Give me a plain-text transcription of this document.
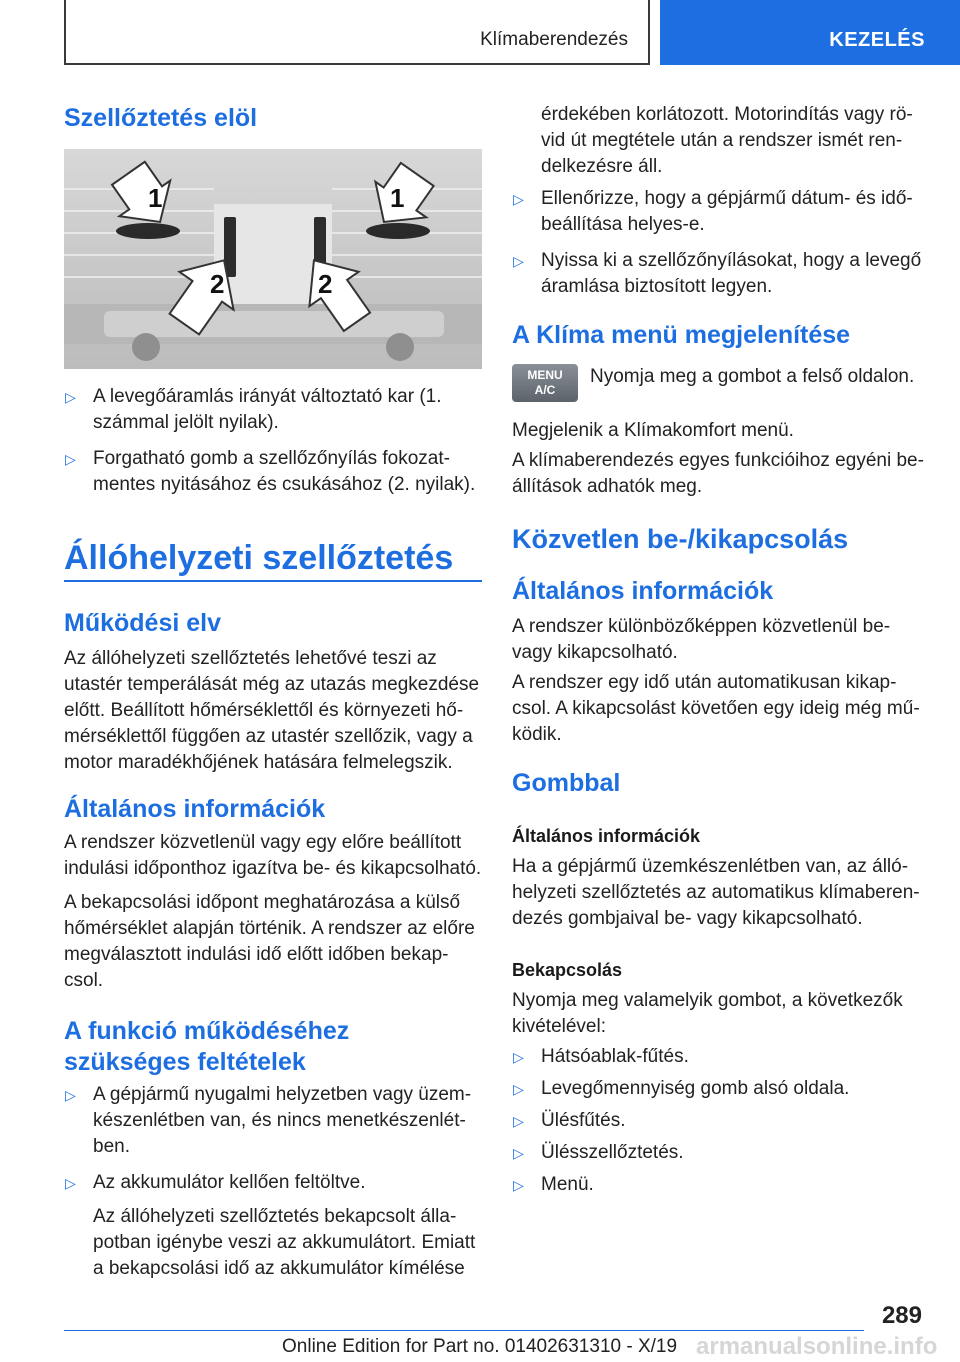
Klímaberendezés	KEZELÉS
Szellőztetés elöl
1	1
2	2
▷ A levegőáramlás irányát változtató kar (1. számmal jelölt nyilak).
▷ Forgatható gomb a szellőzőnyílás fokozat-mentes nyitásához és csukásához (2. nyilak).
Állóhelyzeti szellőztetés
Működési elv

Az állóhelyzeti szellőztetés lehetővé teszi az utastér temperálását még az utazás megkezdése előtt. Beállított hőmérséklettől és környezeti hő-mérséklettől függően az utastér szellőzik, vagy a motor maradékhőjének hatására felmelegszik.

Általános információk

A rendszer közvetlenül vagy egy előre beállított indulási időponthoz igazítva be- és kikapcsolható.

A bekapcsolási időpont meghatározása a külső hőmérséklet alapján történik. A rendszer az előre megválasztott indulási idő előtt időben bekap-csol.

A funkció működéséhez szükséges feltételek
▷ A gépjármű nyugalmi helyzetben vagy üzem-készenlétben van, és nincs menetkészenlét-ben.
▷ Az akkumulátor kellően feltöltve.
Az állóhelyzeti szellőztetés bekapcsolt álla-potban igénybe veszi az akkumulátort. Emiatt a bekapcsolási idő az akkumulátor kímélése
érdekében korlátozott. Motorindítás vagy rö-vid út megtétele után a rendszer ismét ren-delkezésre áll.
▷ Ellenőrizze, hogy a gépjármű dátum- és idő-beállítása helyes-e.
▷ Nyissa ki a szellőzőnyílásokat, hogy a levegő áramlása biztosított legyen.
A Klíma menü megjelenítése
MENU
A/C

Nyomja meg a gombot a felső oldalon.

Megjelenik a Klímakomfort menü.

A klímaberendezés egyes funkcióihoz egyéni be-állítások adhatók meg.

Közvetlen be-/kikapcsolás
Általános információk

A rendszer különbözőképpen közvetlenül be- vagy kikapcsolható.

A rendszer egy idő után automatikusan kikap-csol. A kikapcsolást követően egy ideig még mű-ködik.

Gombbal
Általános információk

Ha a gépjármű üzemkészenlétben van, az álló-helyzeti szellőztetés az automatikus klímaberen-dezés gombjaival be- vagy kikapcsolható.

Bekapcsolás

Nyomja meg valamelyik gombot, a következők kivételével:

▷ Hátsóablak-fűtés.
▷ Levegőmennyiség gomb alsó oldala.
▷ Ülésfűtés.
▷ Ülésszellőztetés.
▷ Menü.
289
Online Edition for Part no. 01402631310 - X/19 armanualsonline.info
